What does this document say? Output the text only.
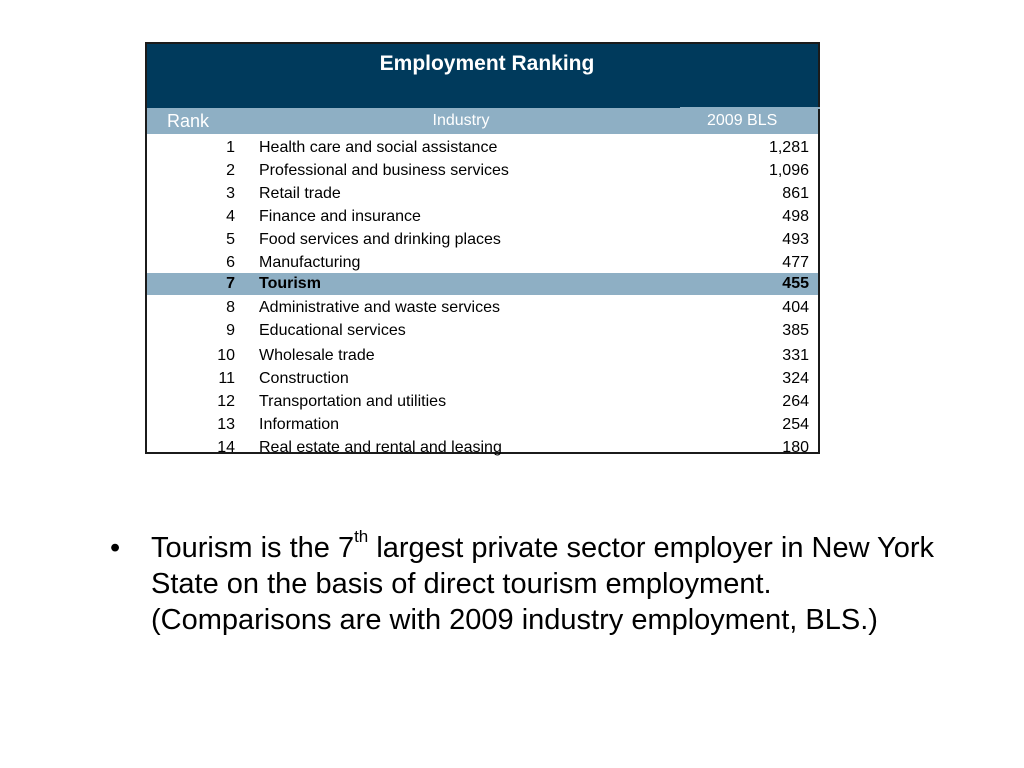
Employment Ranking
Rank	Industry	2009 BLS
1 Health care and social assistance	1,281
2 Professional and business services	1,096
3 Retail trade	861
4 Finance and insurance	498
5 Food services and drinking places	493
6 Manufacturing	477
7 Tourism	455
8 Administrative and waste services	404
9 Educational services	385
10 Wholesale trade	331
11 Construction	324
12 Transportation and utilities	264
13 Information	254
14 Real estate and rental and leasing	180
•	Tourism is the 7th largest private sector employer in New York State on the basis of direct tourism employment. (Comparisons are with 2009 industry employment, BLS.)
